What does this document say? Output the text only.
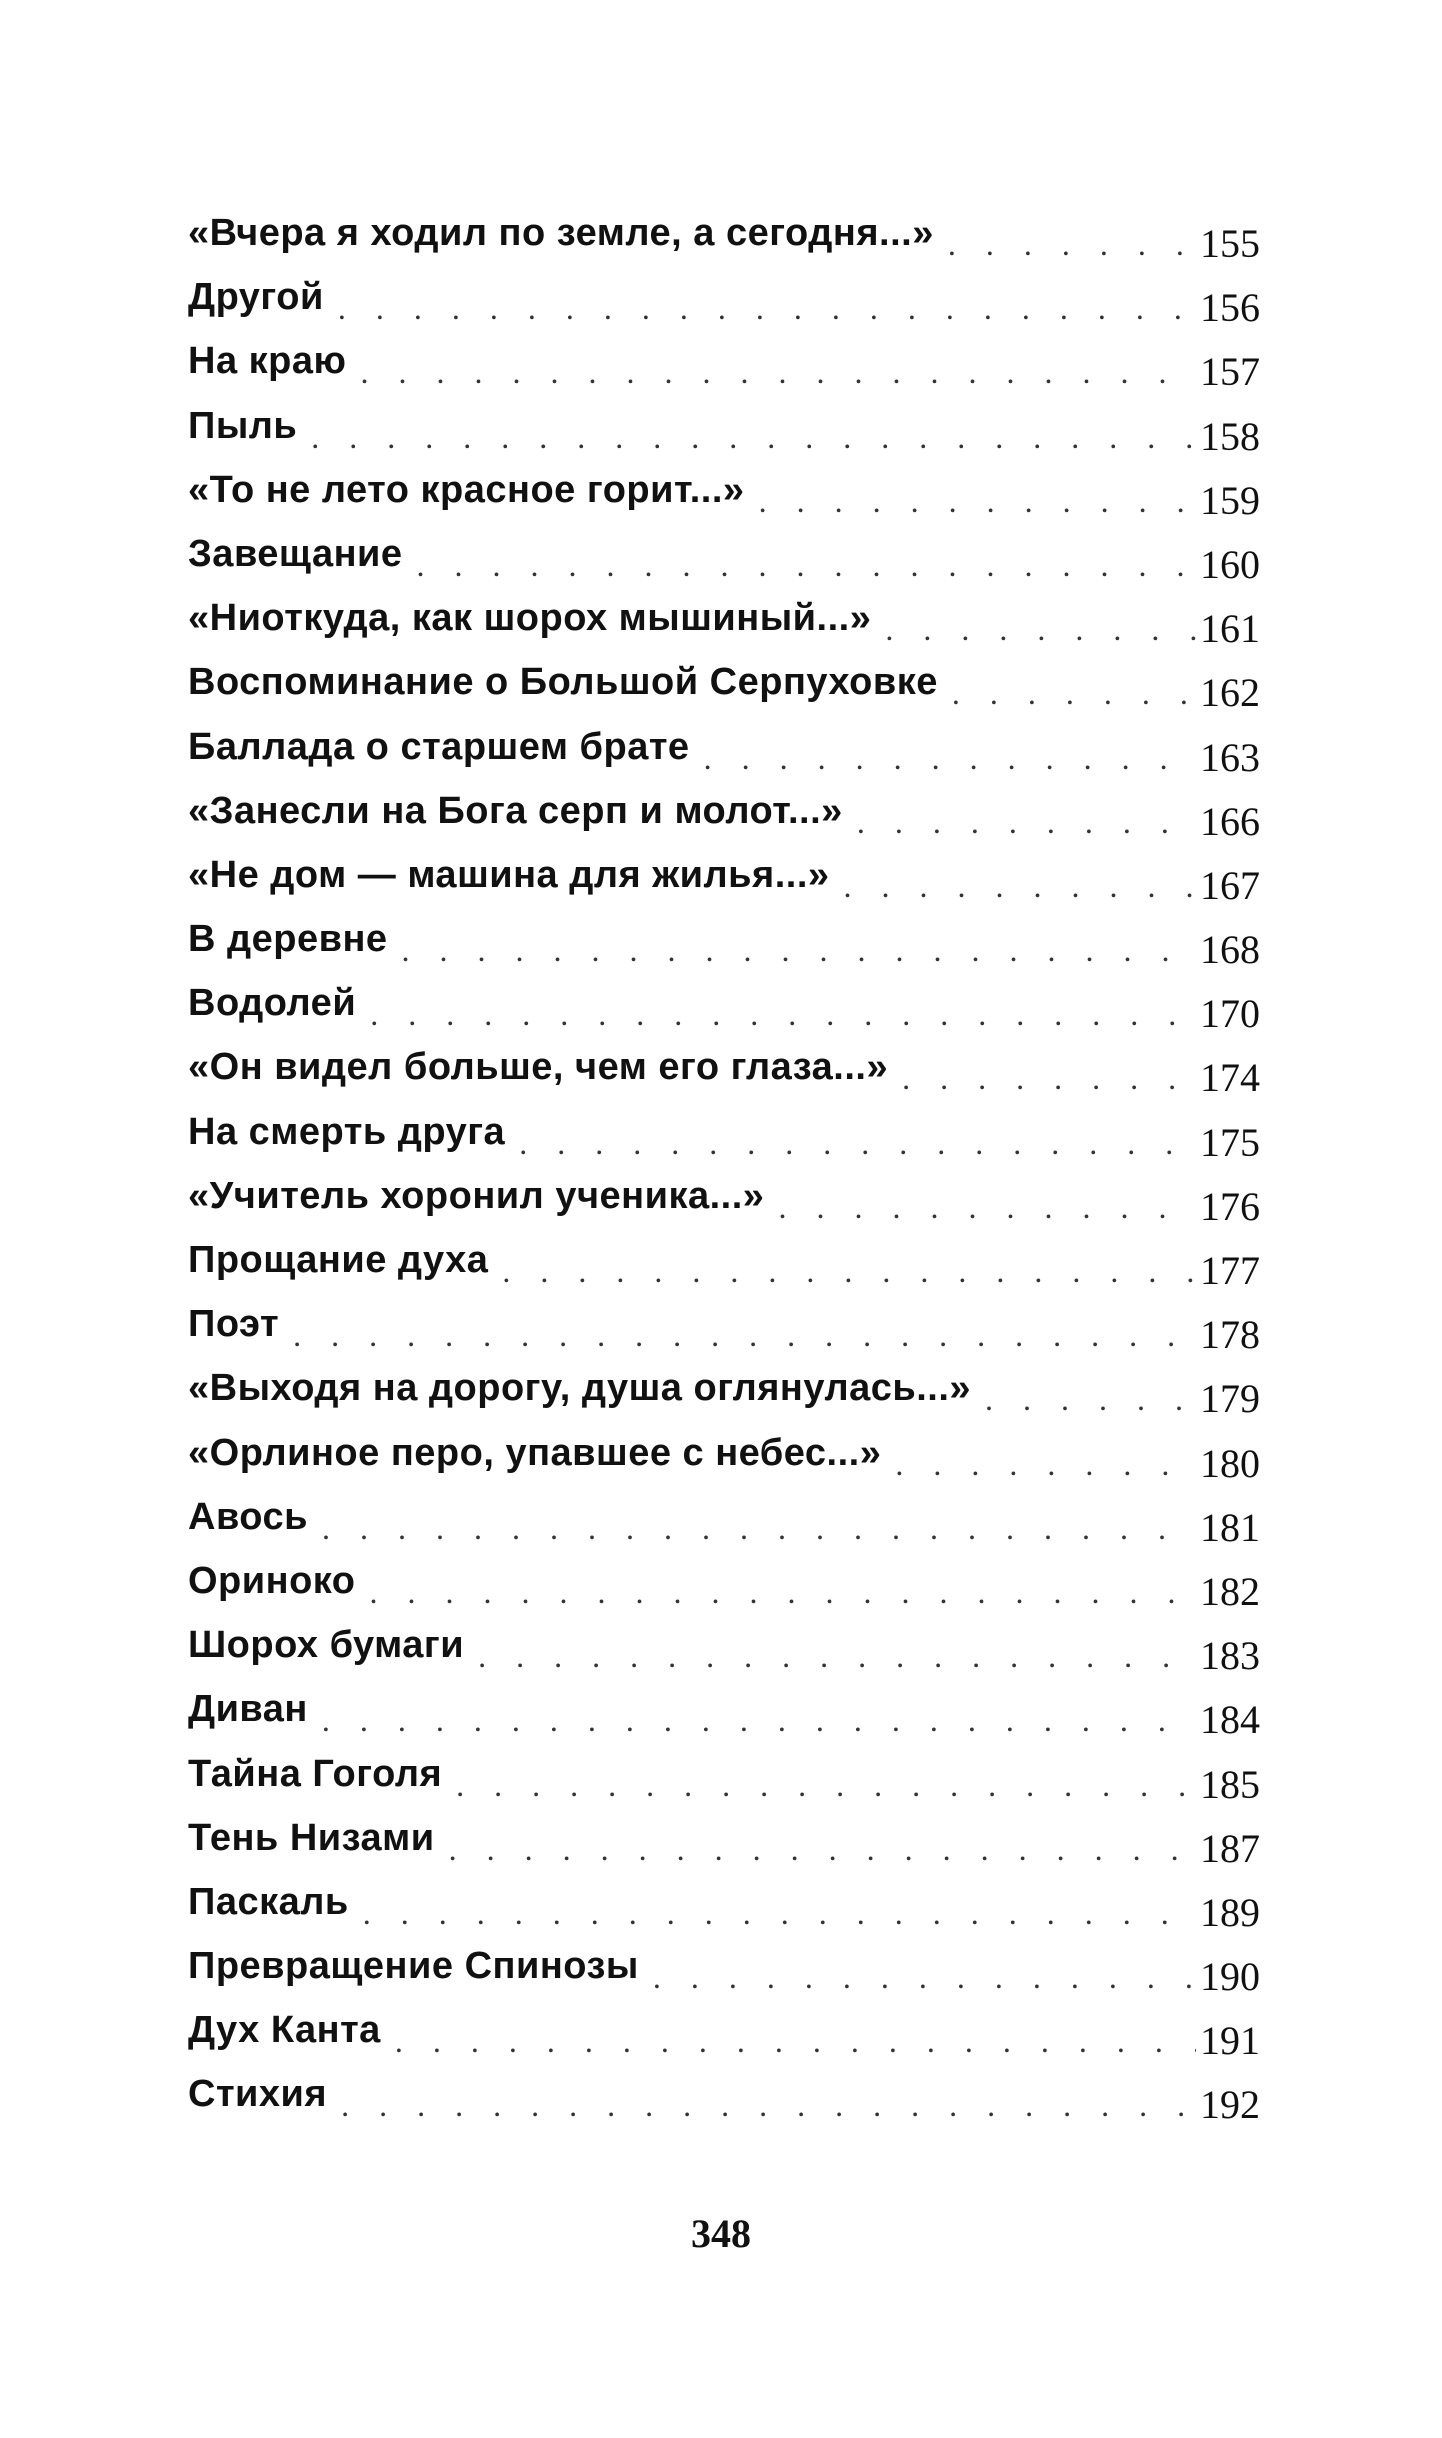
«Вчера я ходил по земле, а сегодня...» . . .	155
Другой . . .	156
На краю . . .	157
Пыль . . .	158
«То не лето красное горит...» . . .	159
Завещание . . .	160
«Ниоткуда, как шорох мышиный...» . . .	161
Воспоминание о Большой Серпуховке . . .	162
Баллада о старшем брате . . .	163
«Занесли на Бога серп и молот...» . . .	166
«Не дом — машина для жилья...» . . .	167
В деревне . . .	168
Водолей . . .	170
«Он видел больше, чем его глаза...» . . .	174
На смерть друга . . .	175
«Учитель хоронил ученика...» . . .	176
Прощание духа . . .	177
Поэт . . .	178
«Выходя на дорогу, душа оглянулась...» . . .	179
«Орлиное перо, упавшее с небес...» . . .	180
Авось . . .	181
Ориноко . . .	182
Шорох бумаги . . .	183
Диван . . .	184
Тайна Гоголя . . .	185
Тень Низами . . .	187
Паскаль . . .	189
Превращение Спинозы . . .	190
Дух Канта . . .	191
Стихия . . .	192
348
